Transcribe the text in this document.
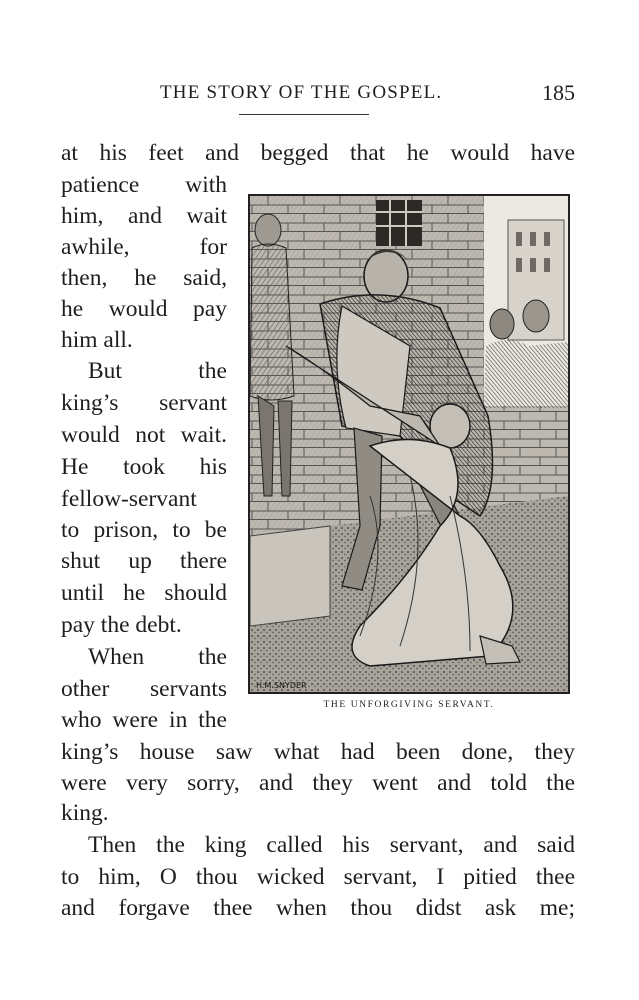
THE STORY OF THE GOSPEL.	185
at his feet and begged that he would have
patience with
him, and wait
awhile, for
then, he said,
he would pay
him all.
But the
king’s servant
would not wait.
He took his
fellow-servant
to prison, to be
shut up there
until he should
pay the debt.
When the
other servants
who were in the
king’s house saw what had been done, they
were very sorry, and they went and told the
king.
Then the king called his servant, and said
to him, O thou wicked servant, I pitied thee
and forgave thee when thou didst ask me;
H.M.SNYDER
THE UNFORGIVING SERVANT.
